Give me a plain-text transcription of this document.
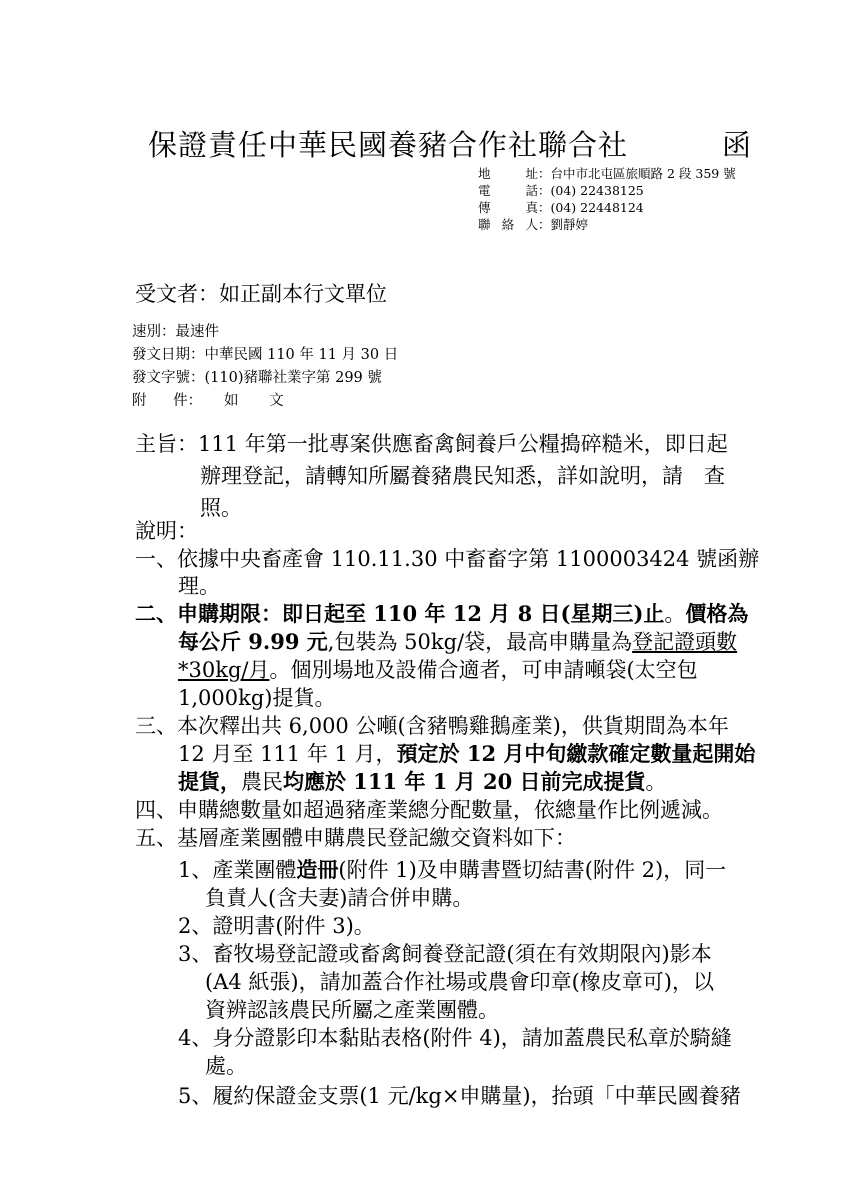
保證責任中華民國養豬合作社聯合社	函
地 址：台中市北屯區旅順路 2 段 359 號
電 話：(04) 22438125
傳 真：(04) 22448124
聯絡人：劉靜婷
受文者：如正副本行文單位
速別：最速件
發文日期：中華民國 110 年 11 月 30 日
發文字號：(110)豬聯社業字第 299 號
附 件： 如 文
主旨：111 年第一批專案供應畜禽飼養戶公糧搗碎糙米，即日起
辦理登記，請轉知所屬養豬農民知悉，詳如說明，請　查
照。
說明：
一、依據中央畜產會 110.11.30 中畜畜字第 1100003424 號函辦
理。
二、申購期限：即日起至 110 年 12 月 8 日(星期三)止。價格為
每公斤 9.99 元,包裝為 50kg/袋，最高申購量為登記證頭數
*30kg/月。個別場地及設備合適者，可申請噸袋(太空包
1,000kg)提貨。
三、本次釋出共 6,000 公噸(含豬鴨雞鵝產業)，供貨期間為本年
12 月至 111 年 1 月，預定於 12 月中旬繳款確定數量起開始
提貨，農民均應於 111 年 1 月 20 日前完成提貨。
四、申購總數量如超過豬產業總分配數量，依總量作比例遞減。
五、基層產業團體申購農民登記繳交資料如下：
1、產業團體造冊(附件 1)及申購書暨切結書(附件 2)，同一
負責人(含夫妻)請合併申購。
2、證明書(附件 3)。
3、畜牧場登記證或畜禽飼養登記證(須在有效期限內)影本
(A4 紙張)，請加蓋合作社場或農會印章(橡皮章可)，以
資辨認該農民所屬之產業團體。
4、身分證影印本黏貼表格(附件 4)，請加蓋農民私章於騎縫
處。
5、履約保證金支票(1 元/kg×申購量)，抬頭「中華民國養豬
